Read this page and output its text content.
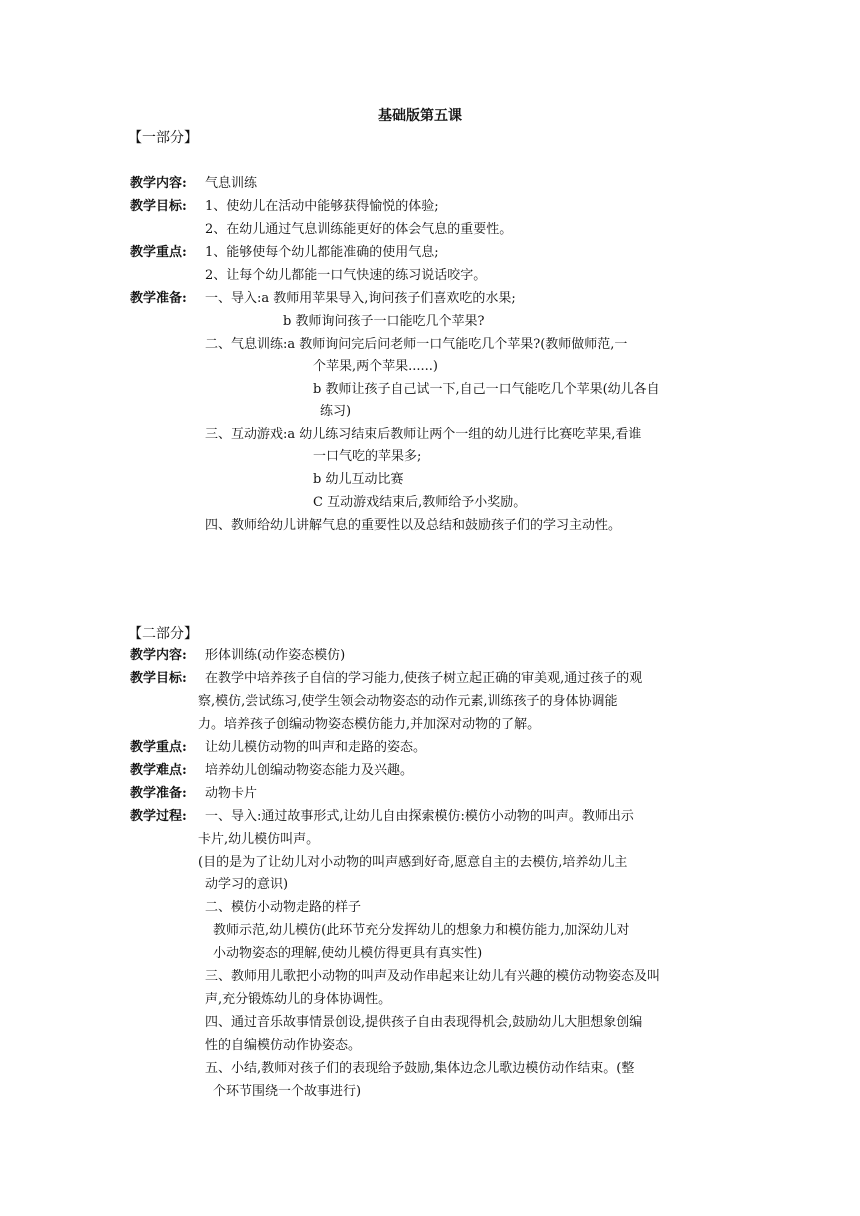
基础版第五课
【一部分】
教学内容: 气息训练
教学目标: 1、使幼儿在活动中能够获得愉悦的体验;
2、在幼儿通过气息训练能更好的体会气息的重要性。
教学重点: 1、能够使每个幼儿都能准确的使用气息;
2、让每个幼儿都能一口气快速的练习说话咬字。
教学准备: 一、导入:a 教师用苹果导入,询问孩子们喜欢吃的水果;
b 教师询问孩子一口能吃几个苹果?
二、气息训练:a 教师询问完后问老师一口气能吃几个苹果?(教师做师范,一
个苹果,两个苹果......)
b 教师让孩子自己试一下,自己一口气能吃几个苹果(幼儿各自
练习)
三、互动游戏:a 幼儿练习结束后教师让两个一组的幼儿进行比赛吃苹果,看谁
一口气吃的苹果多;
b 幼儿互动比赛
C 互动游戏结束后,教师给予小奖励。
四、教师给幼儿讲解气息的重要性以及总结和鼓励孩子们的学习主动性。
【二部分】
教学内容: 形体训练(动作姿态模仿)
教学目标: 在教学中培养孩子自信的学习能力,使孩子树立起正确的审美观,通过孩子的观
察,模仿,尝试练习,使学生领会动物姿态的动作元素,训练孩子的身体协调能
力。培养孩子创编动物姿态模仿能力,并加深对动物的了解。
教学重点: 让幼儿模仿动物的叫声和走路的姿态。
教学难点: 培养幼儿创编动物姿态能力及兴趣。
教学准备: 动物卡片
教学过程: 一、导入:通过故事形式,让幼儿自由探索模仿:模仿小动物的叫声。教师出示
卡片,幼儿模仿叫声。
(目的是为了让幼儿对小动物的叫声感到好奇,愿意自主的去模仿,培养幼儿主
动学习的意识)
二、模仿小动物走路的样子
教师示范,幼儿模仿(此环节充分发挥幼儿的想象力和模仿能力,加深幼儿对
小动物姿态的理解,使幼儿模仿得更具有真实性)
三、教师用儿歌把小动物的叫声及动作串起来让幼儿有兴趣的模仿动物姿态及叫
声,充分锻炼幼儿的身体协调性。
四、通过音乐故事情景创设,提供孩子自由表现得机会,鼓励幼儿大胆想象创编
性的自编模仿动作协姿态。
五、小结,教师对孩子们的表现给予鼓励,集体边念儿歌边模仿动作结束。(整
个环节围绕一个故事进行)
